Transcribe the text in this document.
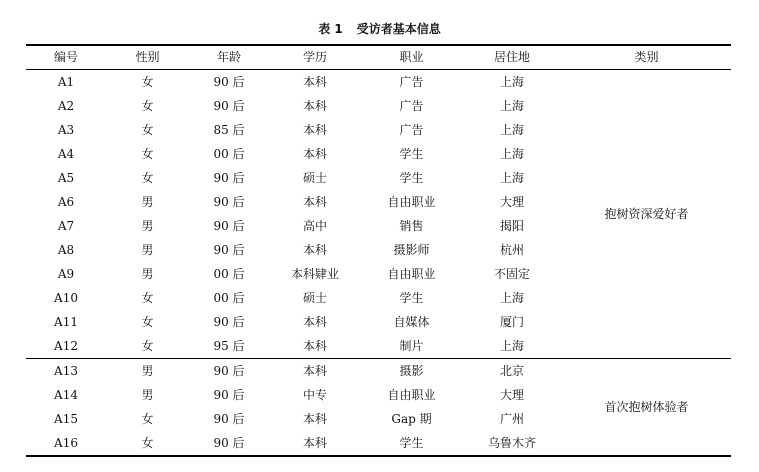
表 1 受访者基本信息
编号	性别	年龄	学历	职业	居住地	类别
A1	女	90 后	本科	广告	上海	抱树资深爱好者
A2	女	90 后	本科	广告	上海	
A3	女	85 后	本科	广告	上海	
A4	女	00 后	本科	学生	上海	
A5	女	90 后	硕士	学生	上海	
A6	男	90 后	本科	自由职业	大理	
A7	男	90 后	高中	销售	揭阳	
A8	男	90 后	本科	摄影师	杭州	
A9	男	00 后	本科肄业	自由职业	不固定	
A10	女	00 后	硕士	学生	上海	
A11	女	90 后	本科	自媒体	厦门	
A12	女	95 后	本科	制片	上海	
A13	男	90 后	本科	摄影	北京	首次抱树体验者
A14	男	90 后	中专	自由职业	大理	
A15	女	90 后	本科	Gap 期	广州	
A16	女	90 后	本科	学生	乌鲁木齐	
